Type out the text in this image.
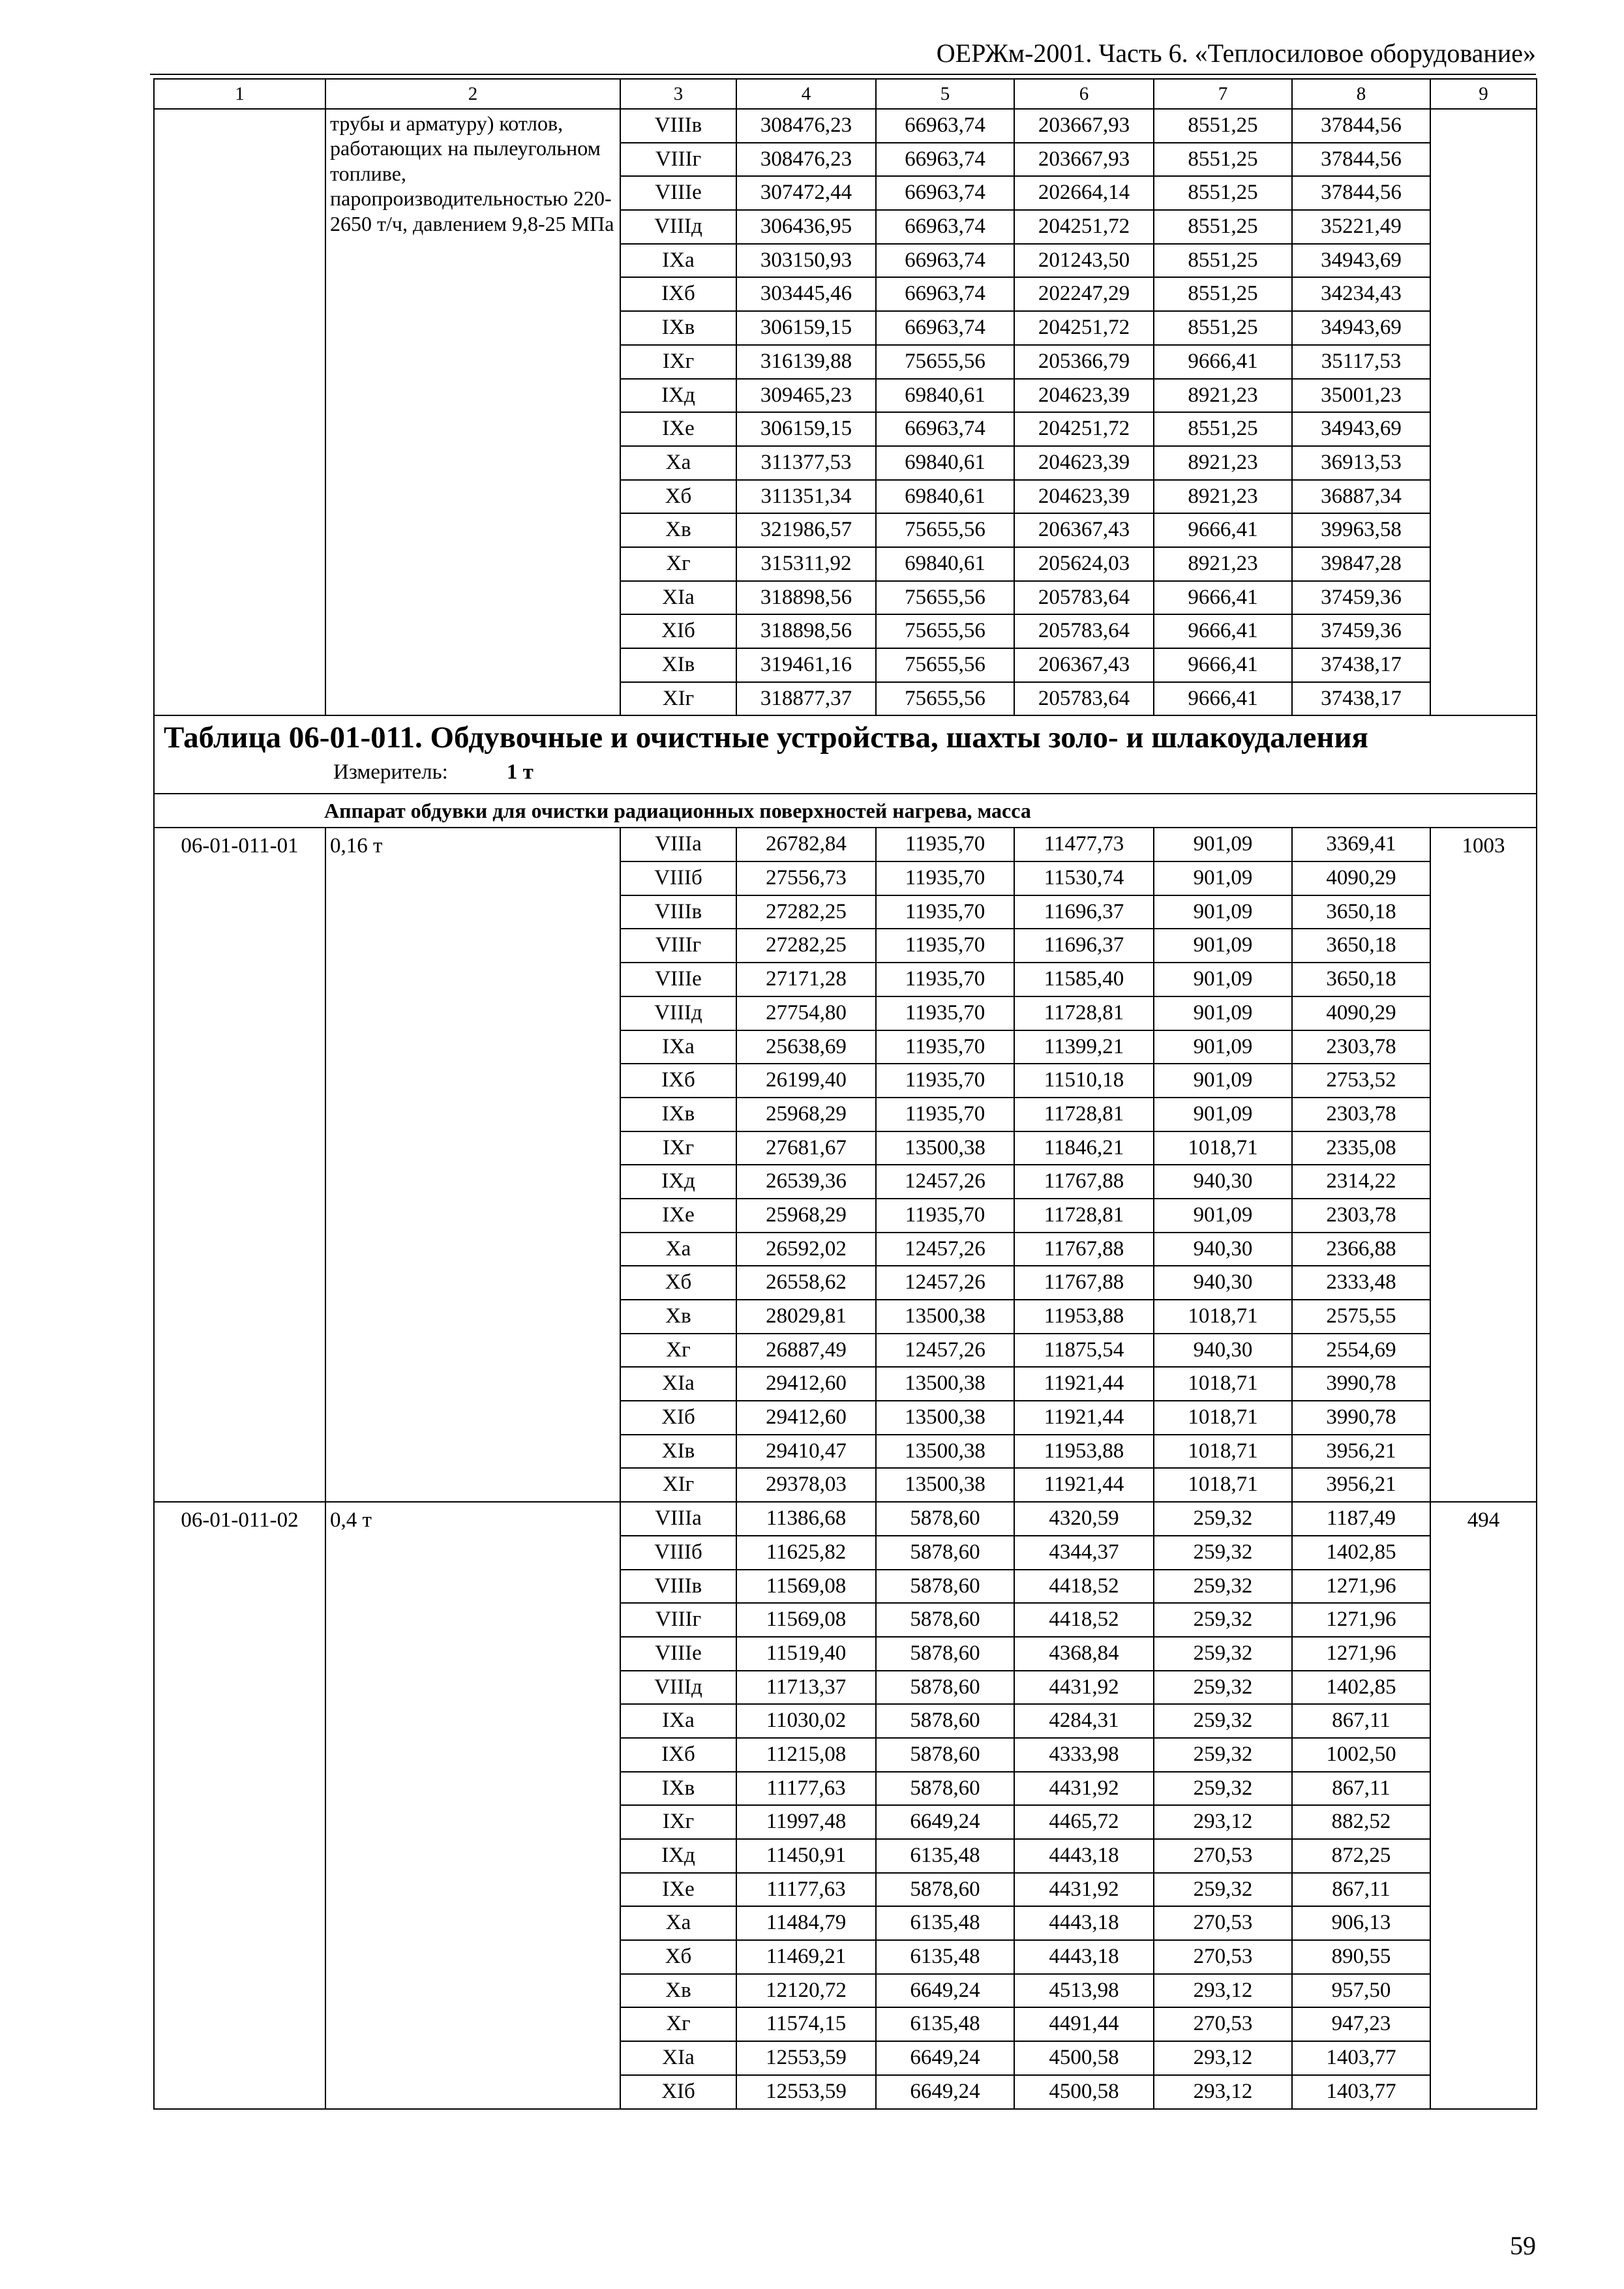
ОЕРЖм-2001. Часть 6. «Теплосиловое оборудование»
1	2	3	4	5	6	7	8	9
	трубы и арматуру) котлов, работающих на пылеугольном топливе, паропроизводительностью 220-2650 т/ч, давлением 9,8-25 МПа	VIIIв	308476,23	66963,74	203667,93	8551,25	37844,56	
		VIIIг	308476,23	66963,74	203667,93	8551,25	37844,56	
		VIIIе	307472,44	66963,74	202664,14	8551,25	37844,56	
		VIIIд	306436,95	66963,74	204251,72	8551,25	35221,49	
		IXа	303150,93	66963,74	201243,50	8551,25	34943,69	
		IXб	303445,46	66963,74	202247,29	8551,25	34234,43	
		IXв	306159,15	66963,74	204251,72	8551,25	34943,69	
		IXг	316139,88	75655,56	205366,79	9666,41	35117,53	
		IXд	309465,23	69840,61	204623,39	8921,23	35001,23	
		IXе	306159,15	66963,74	204251,72	8551,25	34943,69	
		Xа	311377,53	69840,61	204623,39	8921,23	36913,53	
		Xб	311351,34	69840,61	204623,39	8921,23	36887,34	
		Xв	321986,57	75655,56	206367,43	9666,41	39963,58	
		Xг	315311,92	69840,61	205624,03	8921,23	39847,28	
		XIа	318898,56	75655,56	205783,64	9666,41	37459,36	
		XIб	318898,56	75655,56	205783,64	9666,41	37459,36	
		XIв	319461,16	75655,56	206367,43	9666,41	37438,17	
		XIг	318877,37	75655,56	205783,64	9666,41	37438,17	

Таблица 06-01-011. Обдувочные и очистные устройства, шахты золо- и шлакоудаления
Измеритель: 1 т								

Аппарат обдувки для очистки радиационных поверхностей нагрева, масса								
06-01-011-01	0,16 т	VIIIа	26782,84	11935,70	11477,73	901,09	3369,41	1003
		VIIIб	27556,73	11935,70	11530,74	901,09	4090,29	
		VIIIв	27282,25	11935,70	11696,37	901,09	3650,18	
		VIIIг	27282,25	11935,70	11696,37	901,09	3650,18	
		VIIIе	27171,28	11935,70	11585,40	901,09	3650,18	
		VIIIд	27754,80	11935,70	11728,81	901,09	4090,29	
		IXа	25638,69	11935,70	11399,21	901,09	2303,78	
		IXб	26199,40	11935,70	11510,18	901,09	2753,52	
		IXв	25968,29	11935,70	11728,81	901,09	2303,78	
		IXг	27681,67	13500,38	11846,21	1018,71	2335,08	
		IXд	26539,36	12457,26	11767,88	940,30	2314,22	
		IXе	25968,29	11935,70	11728,81	901,09	2303,78	
		Xа	26592,02	12457,26	11767,88	940,30	2366,88	
		Xб	26558,62	12457,26	11767,88	940,30	2333,48	
		Xв	28029,81	13500,38	11953,88	1018,71	2575,55	
		Xг	26887,49	12457,26	11875,54	940,30	2554,69	
		XIа	29412,60	13500,38	11921,44	1018,71	3990,78	
		XIб	29412,60	13500,38	11921,44	1018,71	3990,78	
		XIв	29410,47	13500,38	11953,88	1018,71	3956,21	
		XIг	29378,03	13500,38	11921,44	1018,71	3956,21	
06-01-011-02	0,4 т	VIIIа	11386,68	5878,60	4320,59	259,32	1187,49	494
		VIIIб	11625,82	5878,60	4344,37	259,32	1402,85	
		VIIIв	11569,08	5878,60	4418,52	259,32	1271,96	
		VIIIг	11569,08	5878,60	4418,52	259,32	1271,96	
		VIIIе	11519,40	5878,60	4368,84	259,32	1271,96	
		VIIIд	11713,37	5878,60	4431,92	259,32	1402,85	
		IXа	11030,02	5878,60	4284,31	259,32	867,11	
		IXб	11215,08	5878,60	4333,98	259,32	1002,50	
		IXв	11177,63	5878,60	4431,92	259,32	867,11	
		IXг	11997,48	6649,24	4465,72	293,12	882,52	
		IXд	11450,91	6135,48	4443,18	270,53	872,25	
		IXе	11177,63	5878,60	4431,92	259,32	867,11	
		Xа	11484,79	6135,48	4443,18	270,53	906,13	
		Xб	11469,21	6135,48	4443,18	270,53	890,55	
		Xв	12120,72	6649,24	4513,98	293,12	957,50	
		Xг	11574,15	6135,48	4491,44	270,53	947,23	
		XIа	12553,59	6649,24	4500,58	293,12	1403,77	
		XIб	12553,59	6649,24	4500,58	293,12	1403,77	
59
